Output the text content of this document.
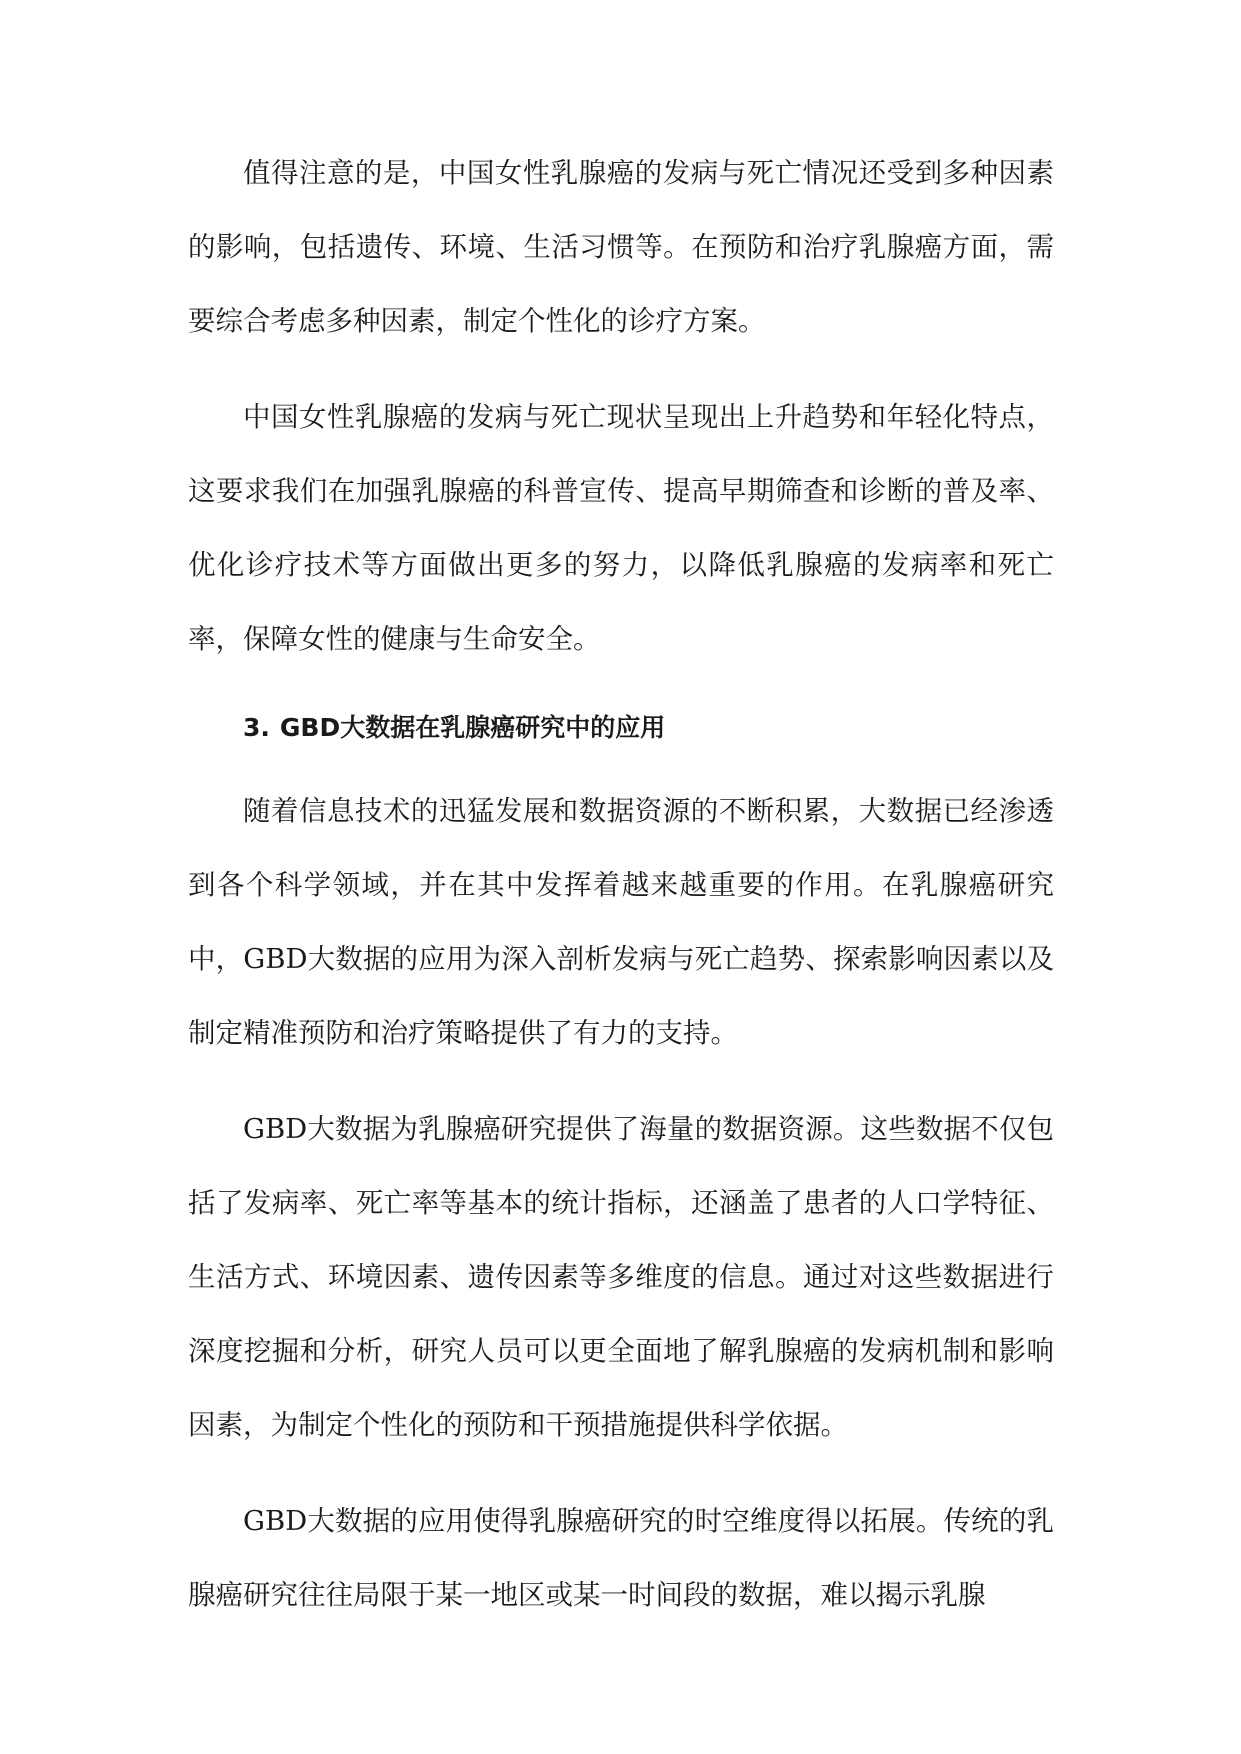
值得注意的是，中国女性乳腺癌的发病与死亡情况还受到多种因素的影响，包括遗传、环境、生活习惯等。在预防和治疗乳腺癌方面，需要综合考虑多种因素，制定个性化的诊疗方案。

中国女性乳腺癌的发病与死亡现状呈现出上升趋势和年轻化特点，这要求我们在加强乳腺癌的科普宣传、提高早期筛查和诊断的普及率、优化诊疗技术等方面做出更多的努力，以降低乳腺癌的发病率和死亡率，保障女性的健康与生命安全。

3. GBD大数据在乳腺癌研究中的应用

随着信息技术的迅猛发展和数据资源的不断积累，大数据已经渗透到各个科学领域，并在其中发挥着越来越重要的作用。在乳腺癌研究中，GBD大数据的应用为深入剖析发病与死亡趋势、探索影响因素以及制定精准预防和治疗策略提供了有力的支持。

GBD大数据为乳腺癌研究提供了海量的数据资源。这些数据不仅包括了发病率、死亡率等基本的统计指标，还涵盖了患者的人口学特征、生活方式、环境因素、遗传因素等多维度的信息。通过对这些数据进行深度挖掘和分析，研究人员可以更全面地了解乳腺癌的发病机制和影响因素，为制定个性化的预防和干预措施提供科学依据。

GBD大数据的应用使得乳腺癌研究的时空维度得以拓展。传统的乳腺癌研究往往局限于某一地区或某一时间段的数据，难以揭示乳腺
